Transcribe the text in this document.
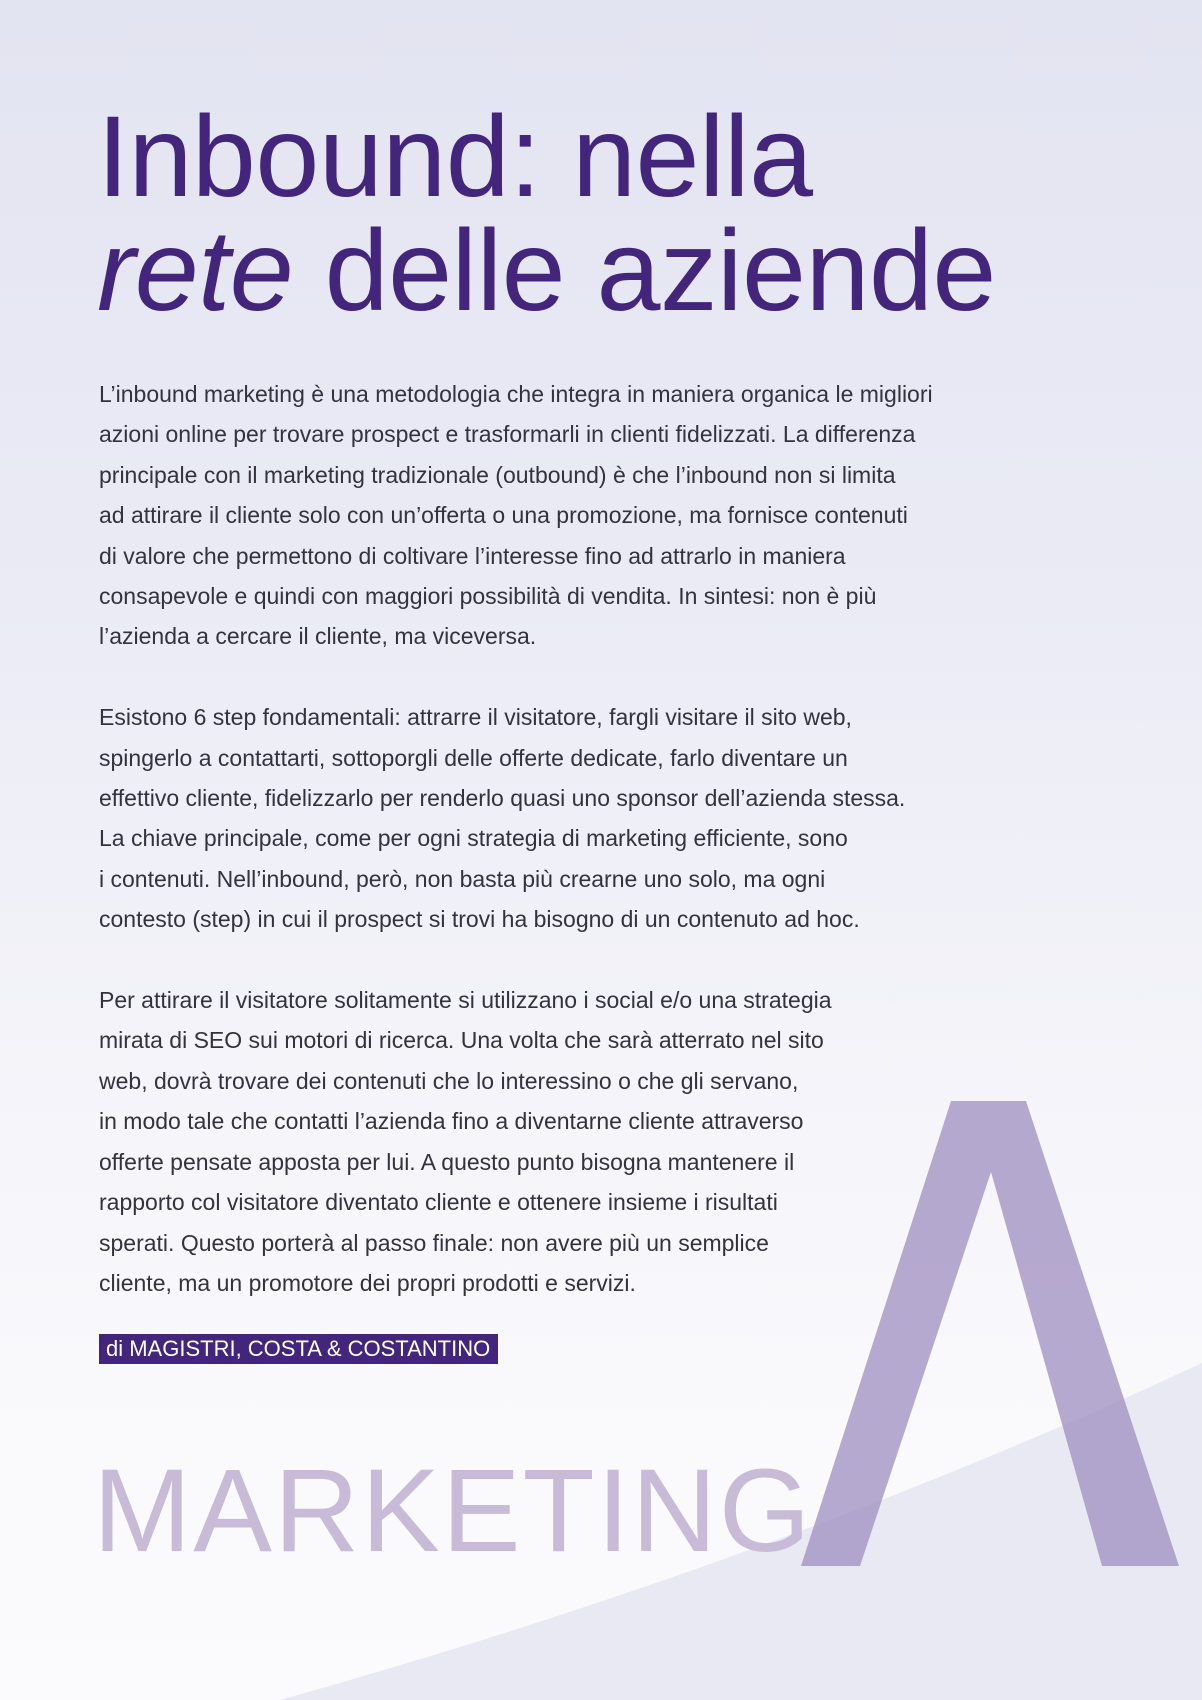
Inbound: nella
rete delle aziende

L’inbound marketing è una metodologia che integra in maniera organica le migliori
azioni online per trovare prospect e trasformarli in clienti fidelizzati. La differenza
principale con il marketing tradizionale (outbound) è che l’inbound non si limita
ad attirare il cliente solo con un’offerta o una promozione, ma fornisce contenuti
di valore che permettono di coltivare l’interesse fino ad attrarlo in maniera
consapevole e quindi con maggiori possibilità di vendita. In sintesi: non è più
l’azienda a cercare il cliente, ma viceversa.

Esistono 6 step fondamentali: attrarre il visitatore, fargli visitare il sito web,
spingerlo a contattarti, sottoporgli delle offerte dedicate, farlo diventare un
effettivo cliente, fidelizzarlo per renderlo quasi uno sponsor dell’azienda stessa.
La chiave principale, come per ogni strategia di marketing efficiente, sono
i contenuti. Nell’inbound, però, non basta più crearne uno solo, ma ogni
contesto (step) in cui il prospect si trovi ha bisogno di un contenuto ad hoc.

Per attirare il visitatore solitamente si utilizzano i social e/o una strategia
mirata di SEO sui motori di ricerca. Una volta che sarà atterrato nel sito
web, dovrà trovare dei contenuti che lo interessino o che gli servano,
in modo tale che contatti l’azienda fino a diventarne cliente attraverso
offerte pensate apposta per lui. A questo punto bisogna mantenere il
rapporto col visitatore diventato cliente e ottenere insieme i risultati
sperati. Questo porterà al passo finale: non avere più un semplice
cliente, ma un promotore dei propri prodotti e servizi.

di MAGISTRI, COSTA & COSTANTINO
MARKETING
